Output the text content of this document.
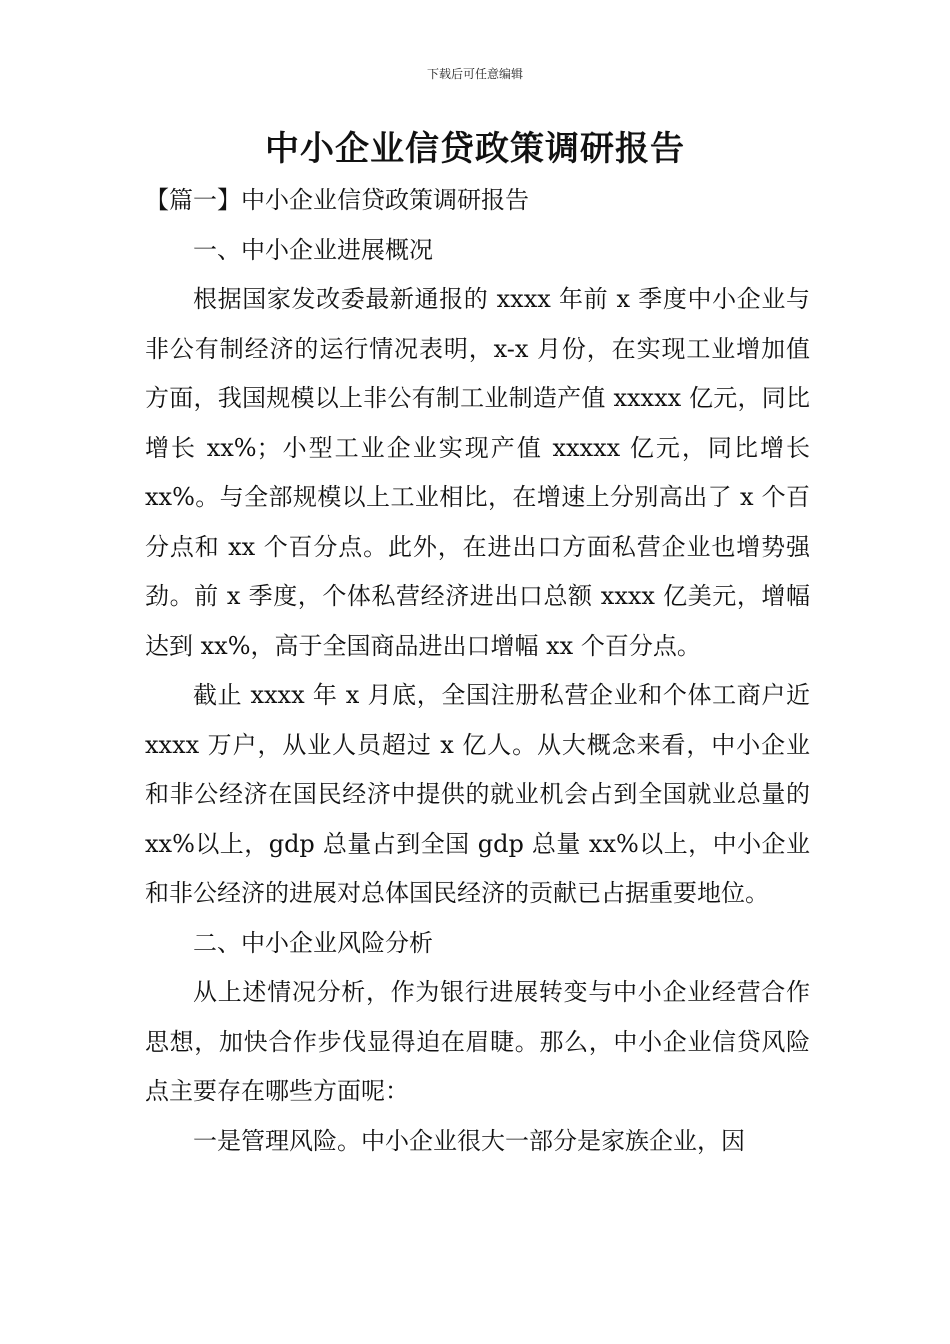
下载后可任意编辑
中小企业信贷政策调研报告

【篇一】中小企业信贷政策调研报告

一、中小企业进展概况

根据国家发改委最新通报的 xxxx 年前 x 季度中小企业与非公有制经济的运行情况表明，x-x 月份，在实现工业增加值方面，我国规模以上非公有制工业制造产值 xxxxx 亿元，同比增长 xx%；小型工业企业实现产值 xxxxx 亿元，同比增长 xx%。与全部规模以上工业相比，在增速上分别高出了 x 个百分点和 xx 个百分点。此外，在进出口方面私营企业也增势强劲。前 x 季度，个体私营经济进出口总额 xxxx 亿美元，增幅达到 xx%，高于全国商品进出口增幅 xx 个百分点。

截止 xxxx 年 x 月底，全国注册私营企业和个体工商户近 xxxx 万户，从业人员超过 x 亿人。从大概念来看，中小企业和非公经济在国民经济中提供的就业机会占到全国就业总量的 xx%以上，gdp 总量占到全国 gdp 总量 xx%以上，中小企业和非公经济的进展对总体国民经济的贡献已占据重要地位。

二、中小企业风险分析

从上述情况分析，作为银行进展转变与中小企业经营合作思想，加快合作步伐显得迫在眉睫。那么，中小企业信贷风险点主要存在哪些方面呢：

一是管理风险。中小企业很大一部分是家族企业，因
